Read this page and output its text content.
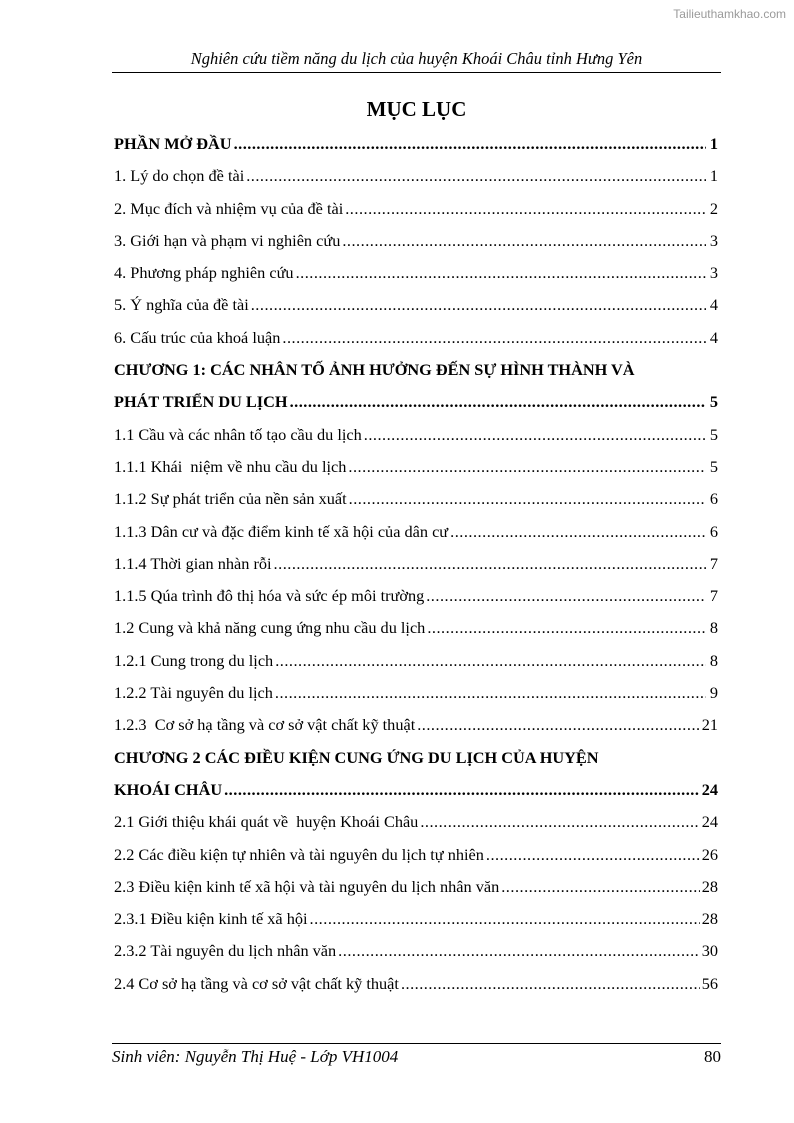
Tailieuthamkhao.com
Nghiên cứu tiềm năng du lịch của huyện Khoái Châu tỉnh Hưng Yên
MỤC LỤC
PHẦN MỞ ĐẦU .....	1
1. Lý do chọn đề tài .....	1
2. Mục đích và nhiệm vụ của đề tài .....	2
3. Giới hạn và phạm vi nghiên cứu .....	3
4. Phương pháp nghiên cứu .....	3
5. Ý nghĩa của đề tài .....	4
6. Cấu trúc của khoá luận .....	4
CHƯƠNG 1: CÁC NHÂN TỐ ẢNH HƯỞNG ĐẾN SỰ HÌNH THÀNH VÀ
PHÁT TRIỂN DU LỊCH .....	5
1.1 Cầu và các nhân tố tạo cầu du lịch .....	5
1.1.1 Khái  niệm về nhu cầu du lịch .....	5
1.1.2 Sự phát triển của nền sản xuất .....	6
1.1.3 Dân cư và đặc điểm kinh tế xã hội của dân cư .....	6
1.1.4 Thời gian nhàn rỗi .....	7
1.1.5 Qúa trình đô thị hóa và sức ép môi trường .....	7
1.2 Cung và khả năng cung ứng nhu cầu du lịch .....	8
1.2.1 Cung trong du lịch .....	8
1.2.2 Tài nguyên du lịch .....	9
1.2.3  Cơ sở hạ tầng và cơ sở vật chất kỹ thuật .....	21
CHƯƠNG 2 CÁC ĐIỀU KIỆN CUNG ỨNG DU LỊCH CỦA HUYỆN
KHOÁI CHÂU .....	24
2.1 Giới thiệu khái quát về  huyện Khoái Châu .....	24
2.2 Các điều kiện tự nhiên và tài nguyên du lịch tự nhiên .....	26
2.3 Điều kiện kinh tế xã hội và tài nguyên du lịch nhân văn .....	28
2.3.1 Điều kiện kinh tế xã hội .....	28
2.3.2 Tài nguyên du lịch nhân văn .....	30
2.4 Cơ sở hạ tầng và cơ sở vật chất kỹ thuật .....	56
Sinh viên: Nguyễn Thị Huệ - Lớp VH1004	80
